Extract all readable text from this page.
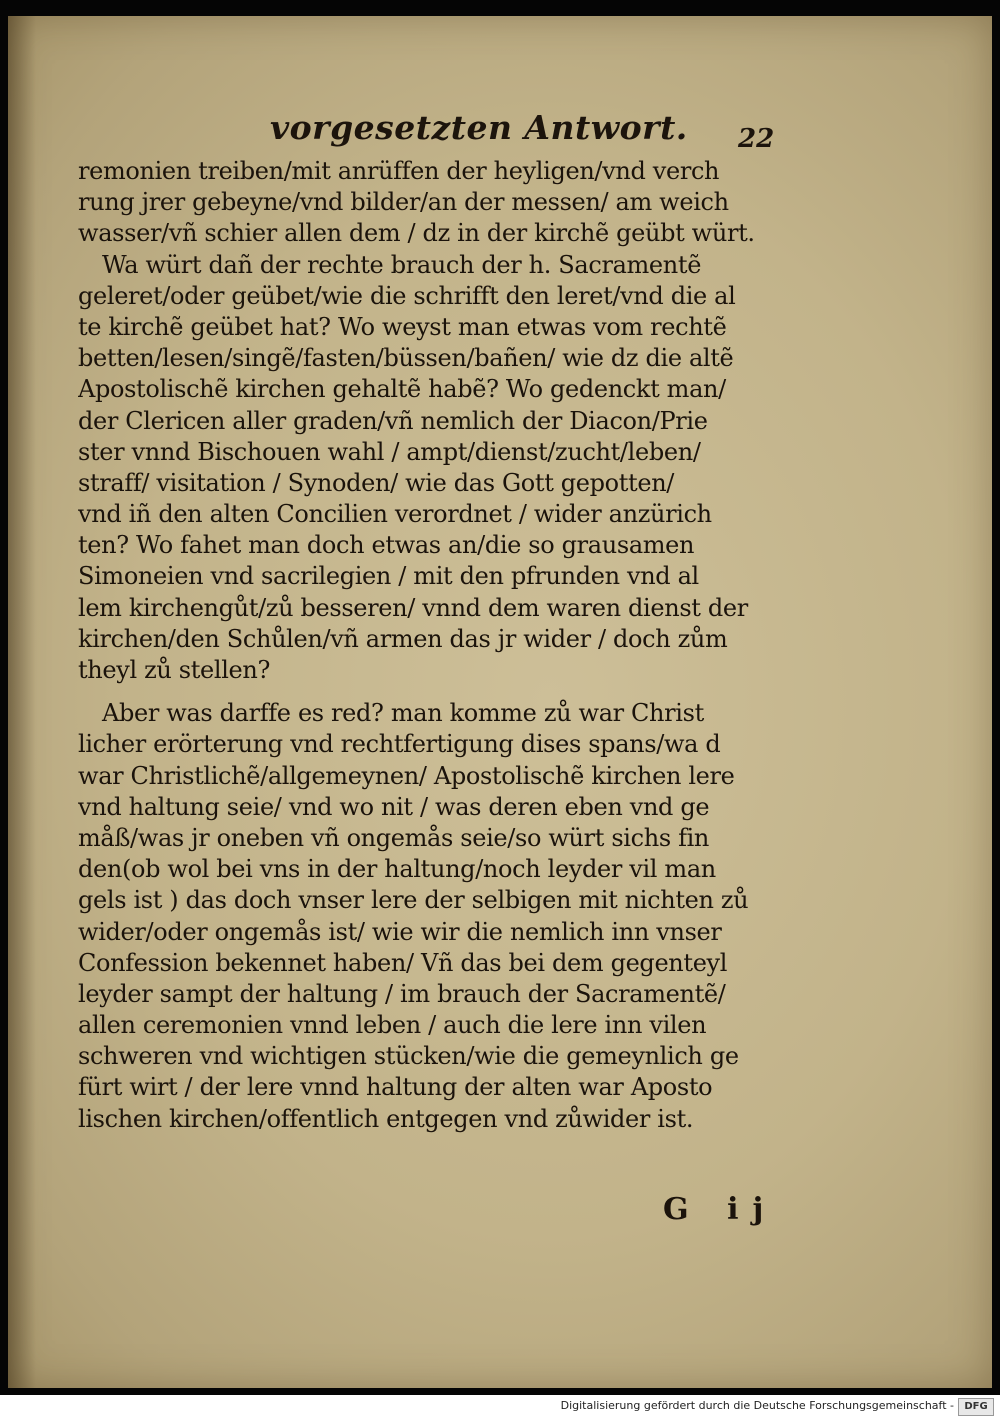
vorgesetzten Antwort. 22
remonien treiben/mit anrüffen der heyligen/vnd verch
rung jrer gebeyne/vnd bilder/an der messen/ am weich
wasser/vñ schier allen dem / dz in der kirchẽ geübt würt.
Wa würt dañ der rechte brauch der h. Sacramentẽ
geleret/oder geübet/wie die schrifft den leret/vnd die al
te kirchẽ geübet hat? Wo weyst man etwas vom rechtẽ
betten/lesen/singẽ/fasten/büssen/bañen/ wie dz die altẽ
Apostolischẽ kirchen gehaltẽ habẽ? Wo gedenckt man/
der Clericen aller graden/vñ nemlich der Diacon/Prie
ster vnnd Bischouen wahl / ampt/dienst/zucht/leben/
straff/ visitation / Synoden/ wie das Gott gepotten/
vnd iñ den alten Concilien verordnet / wider anzürich
ten? Wo fahet man doch etwas an/die so grausamen
Simoneien vnd sacrilegien / mit den pfrunden vnd al
lem kirchengůt/zů besseren/ vnnd dem waren dienst der
kirchen/den Schůlen/vñ armen das jr wider / doch zům
theyl zů stellen?
Aber was darffe es red? man komme zů war Christ
licher erörterung vnd rechtfertigung dises spans/wa d
war Christlichẽ/allgemeynen/ Apostolischẽ kirchen lere
vnd haltung seie/ vnd wo nit / was deren eben vnd ge
måß/was jr oneben vñ ongemås seie/so würt sichs fin
den(ob wol bei vns in der haltung/noch leyder vil man
gels ist ) das doch vnser lere der selbigen mit nichten zů
wider/oder ongemås ist/ wie wir die nemlich inn vnser
Confession bekennet haben/ Vñ das bei dem gegenteyl
leyder sampt der haltung / im brauch der Sacramentẽ/
allen ceremonien vnnd leben / auch die lere inn vilen
schweren vnd wichtigen stücken/wie die gemeynlich ge
fürt wirt / der lere vnnd haltung der alten war Aposto
lischen kirchen/offentlich entgegen vnd zůwider ist.
G ij
Digitalisierung gefördert durch die Deutsche Forschungsgemeinschaft -	DFG
